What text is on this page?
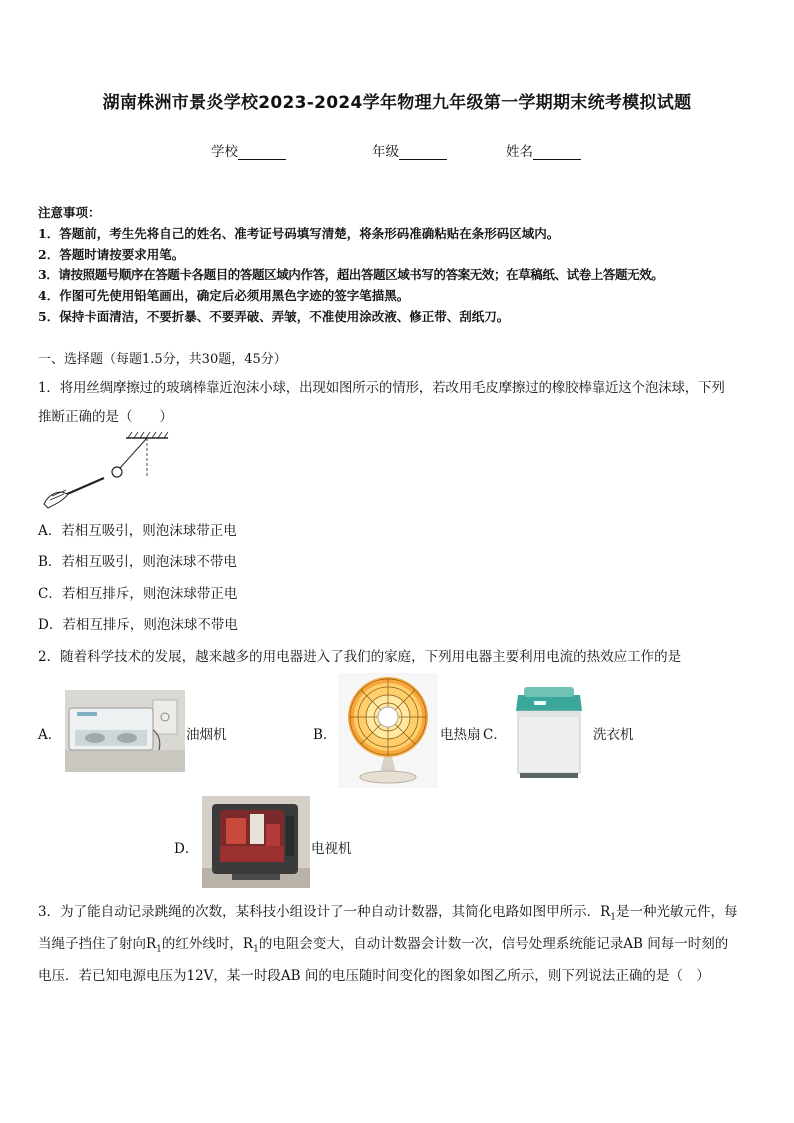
湖南株洲市景炎学校2023-2024学年物理九年级第一学期期末统考模拟试题
学校	年级	姓名
注意事项：
1．答题前，考生先将自己的姓名、准考证号码填写清楚，将条形码准确粘贴在条形码区域内。
2．答题时请按要求用笔。
3．请按照题号顺序在答题卡各题目的答题区域内作答，超出答题区域书写的答案无效；在草稿纸、试卷上答题无效。
4．作图可先使用铅笔画出，确定后必须用黑色字迹的签字笔描黑。
5．保持卡面清洁，不要折暴、不要弄破、弄皱，不准使用涂改液、修正带、刮纸刀。
一、选择题（每题1.5分，共30题，45分）
1．将用丝绸摩擦过的玻璃棒靠近泡沫小球，出现如图所示的情形，若改用毛皮摩擦过的橡胶棒靠近这个泡沫球，下列
推断正确的是（　　）
A．若相互吸引，则泡沫球带正电
B．若相互吸引，则泡沫球不带电
C．若相互排斥，则泡沫球带正电
D．若相互排斥，则泡沫球不带电
2．随着科学技术的发展，越来越多的用电器进入了我们的家庭，下列用电器主要利用电流的热效应工作的是
A．	油烟机	B．	电热扇 C．	洗衣机
D．	电视机
3．为了能自动记录跳绳的次数，某科技小组设计了一种自动计数器，其简化电路如图甲所示．$R_1$是一种光敏元件，每
当绳子挡住了射向$R_1$的红外线时，$R_1$的电阻会变大，自动计数器会计数一次，信号处理系统能记录AB 间每一时刻的
电压．若已知电源电压为12V，某一时段AB 间的电压随时间变化的图象如图乙所示，则下列说法正确的是（　）
